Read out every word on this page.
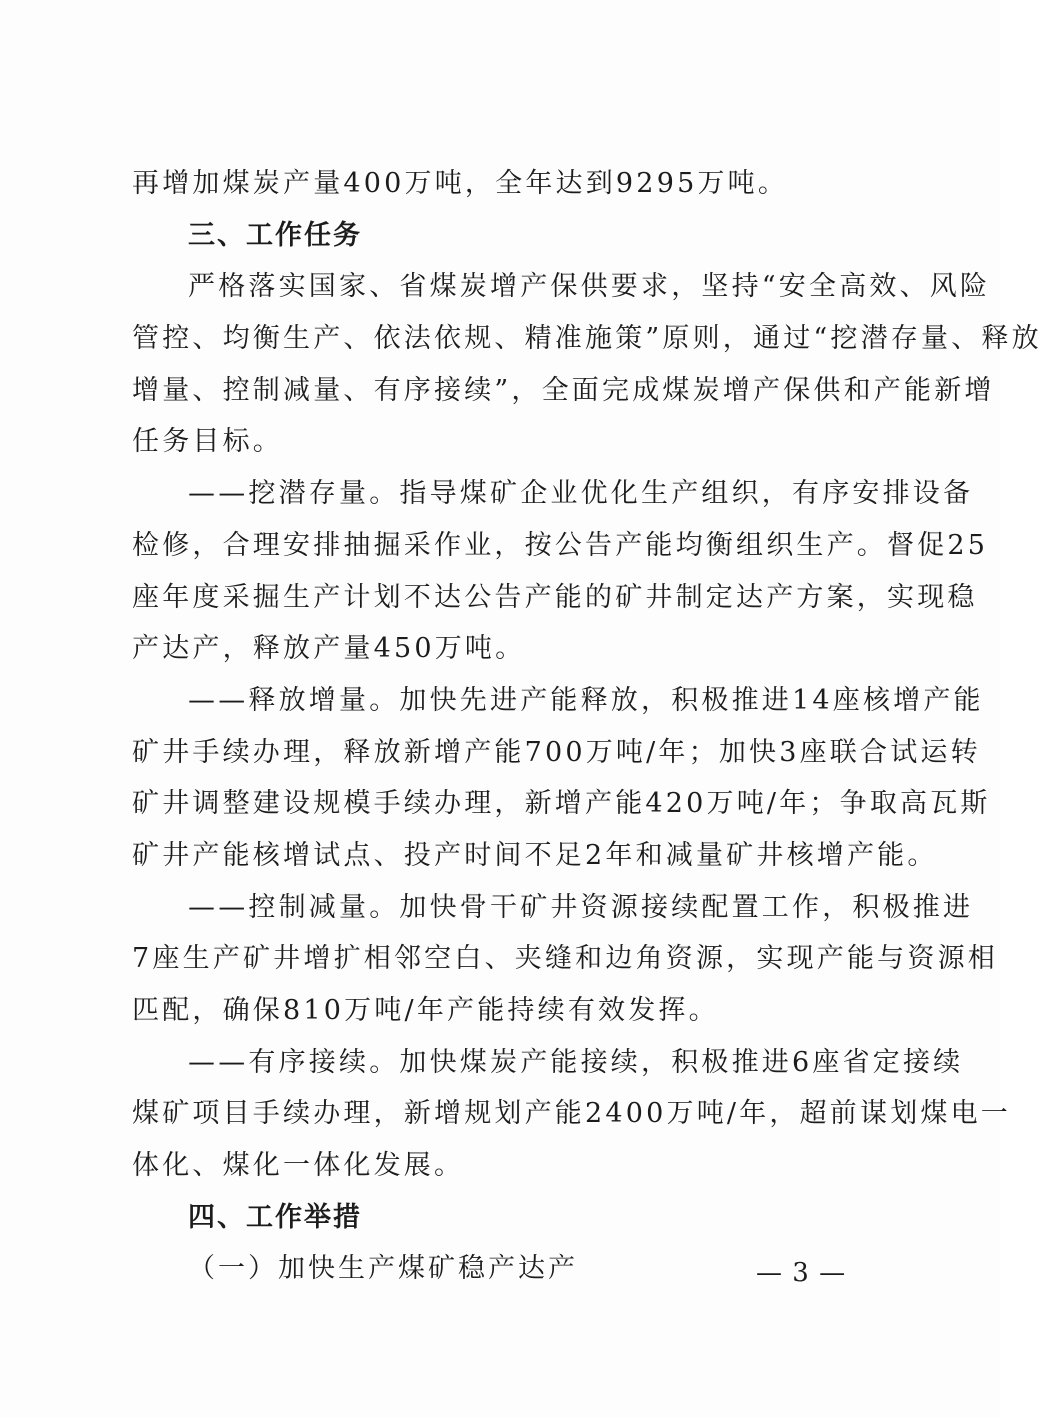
再增加煤炭产量400万吨，全年达到9295万吨。
三、工作任务
严格落实国家、省煤炭增产保供要求，坚持“安全高效、风险
管控、均衡生产、依法依规、精准施策”原则，通过“挖潜存量、释放
增量、控制减量、有序接续”，全面完成煤炭增产保供和产能新增
任务目标。
——挖潜存量。指导煤矿企业优化生产组织，有序安排设备
检修，合理安排抽掘采作业，按公告产能均衡组织生产。督促25
座年度采掘生产计划不达公告产能的矿井制定达产方案，实现稳
产达产，释放产量450万吨。
——释放增量。加快先进产能释放，积极推进14座核增产能
矿井手续办理，释放新增产能700万吨/年；加快3座联合试运转
矿井调整建设规模手续办理，新增产能420万吨/年；争取高瓦斯
矿井产能核增试点、投产时间不足2年和减量矿井核增产能。
——控制减量。加快骨干矿井资源接续配置工作，积极推进
7座生产矿井增扩相邻空白、夹缝和边角资源，实现产能与资源相
匹配，确保810万吨/年产能持续有效发挥。
——有序接续。加快煤炭产能接续，积极推进6座省定接续
煤矿项目手续办理，新增规划产能2400万吨/年，超前谋划煤电一
体化、煤化一体化发展。
四、工作举措
（一）加快生产煤矿稳产达产	— 3 —
